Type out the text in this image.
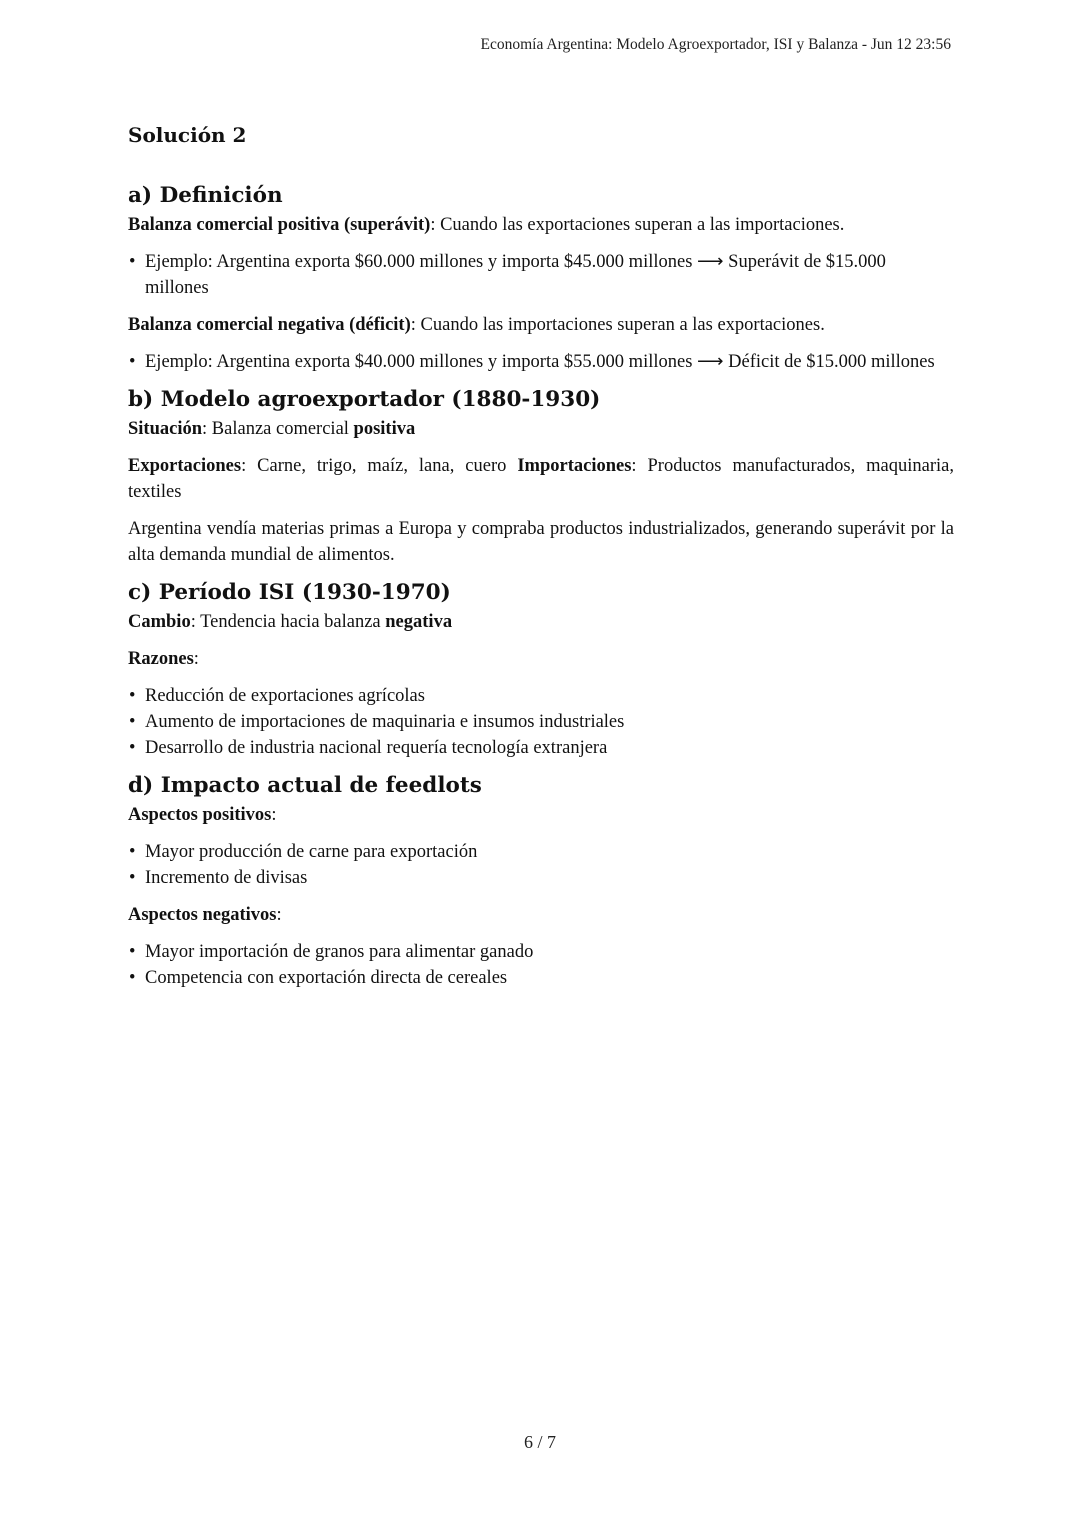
Economía Argentina: Modelo Agroexportador, ISI y Balanza - Jun 12 23:56
Solución 2
a) Definición

Balanza comercial positiva (superávit): Cuando las exportaciones superan a las importaciones.

• Ejemplo: Argentina exporta $60.000 millones y importa $45.000 millones ⟶ Superávit de $15.000 millones

Balanza comercial negativa (déficit): Cuando las importaciones superan a las exportaciones.

• Ejemplo: Argentina exporta $40.000 millones y importa $55.000 millones ⟶ Déficit de $15.000 millones
b) Modelo agroexportador (1880-1930)

Situación: Balanza comercial positiva

Exportaciones: Carne, trigo, maíz, lana, cuero Importaciones: Productos manufacturados, maquinaria, textiles

Argentina vendía materias primas a Europa y compraba productos industrializados, generando superávit por la alta demanda mundial de alimentos.

c) Período ISI (1930-1970)

Cambio: Tendencia hacia balanza negativa

Razones:

• Reducción de exportaciones agrícolas
• Aumento de importaciones de maquinaria e insumos industriales
• Desarrollo de industria nacional requería tecnología extranjera
d) Impacto actual de feedlots

Aspectos positivos:

• Mayor producción de carne para exportación
• Incremento de divisas

Aspectos negativos:

• Mayor importación de granos para alimentar ganado
• Competencia con exportación directa de cereales
6 / 7
